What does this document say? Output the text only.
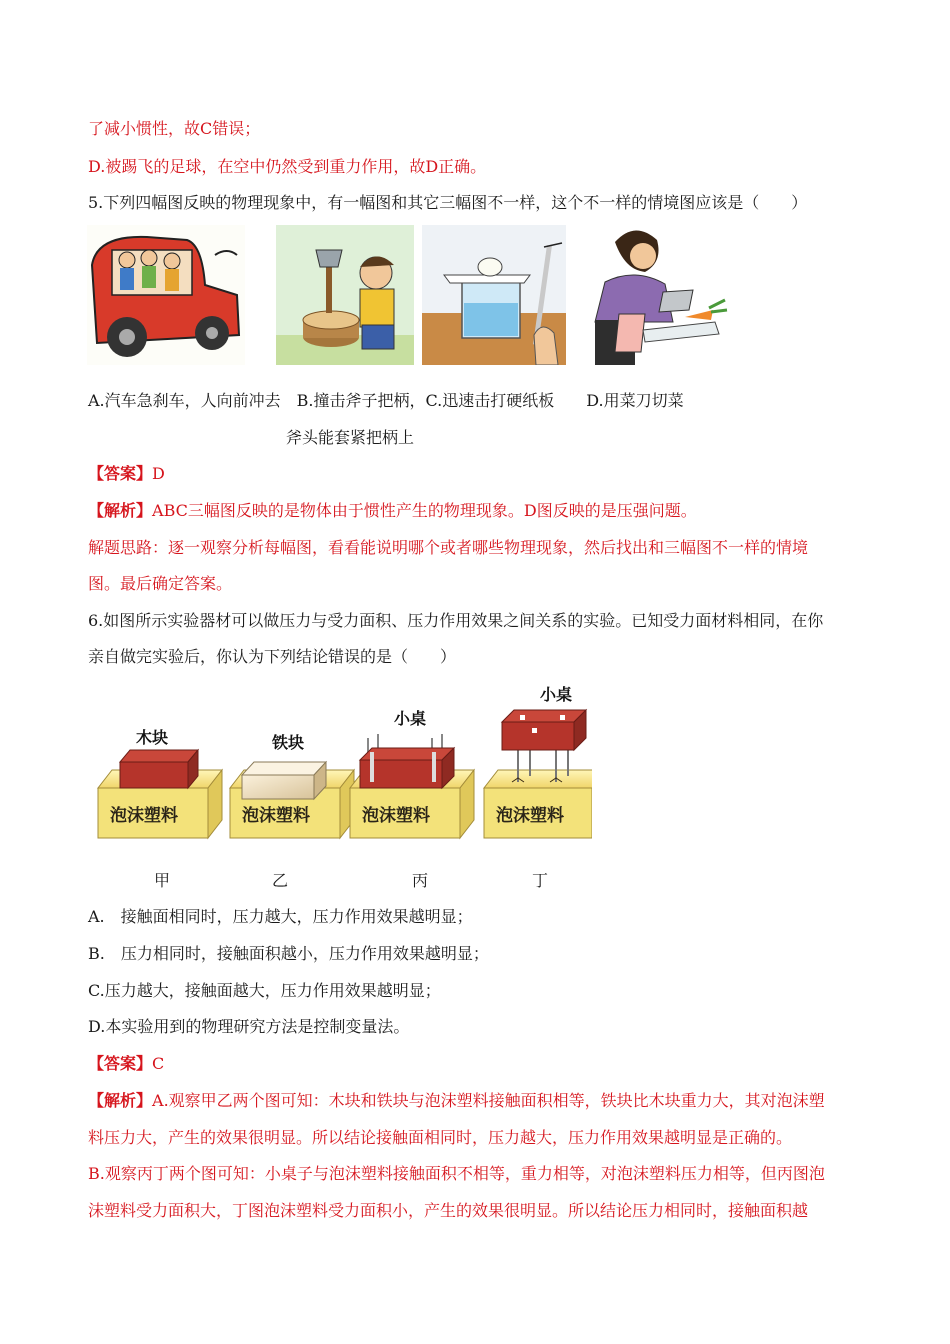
了减小惯性，故C错误；
D.被踢飞的足球，在空中仍然受到重力作用，故D正确。
5.下列四幅图反映的物理现象中，有一幅图和其它三幅图不一样，这个不一样的情境图应该是（　　）
A.汽车急刹车，人向前冲去　B.撞击斧子把柄，C.迅速击打硬纸板　　D.用菜刀切菜
斧头能套紧把柄上
【答案】D
【解析】ABC三幅图反映的是物体由于惯性产生的物理现象。D图反映的是压强问题。
解题思路：逐一观察分析每幅图，看看能说明哪个或者哪些物理现象，然后找出和三幅图不一样的情境
图。最后确定答案。
6.如图所示实验器材可以做压力与受力面积、压力作用效果之间关系的实验。已知受力面材料相同，在你
亲自做完实验后，你认为下列结论错误的是（　　）
泡沫塑料
木块
泡沫塑料
铁块
泡沫塑料
小桌
泡沫塑料
小桌
甲	乙	丙	丁
A.　接触面相同时，压力越大，压力作用效果越明显；
B.　压力相同时，接触面积越小，压力作用效果越明显；
C.压力越大，接触面越大，压力作用效果越明显；
D.本实验用到的物理研究方法是控制变量法。
【答案】C
【解析】A.观察甲乙两个图可知：木块和铁块与泡沫塑料接触面积相等，铁块比木块重力大，其对泡沫塑
料压力大，产生的效果很明显。所以结论接触面相同时，压力越大，压力作用效果越明显是正确的。
B.观察丙丁两个图可知：小桌子与泡沫塑料接触面积不相等，重力相等，对泡沫塑料压力相等，但丙图泡
沫塑料受力面积大，丁图泡沫塑料受力面积小，产生的效果很明显。所以结论压力相同时，接触面积越
